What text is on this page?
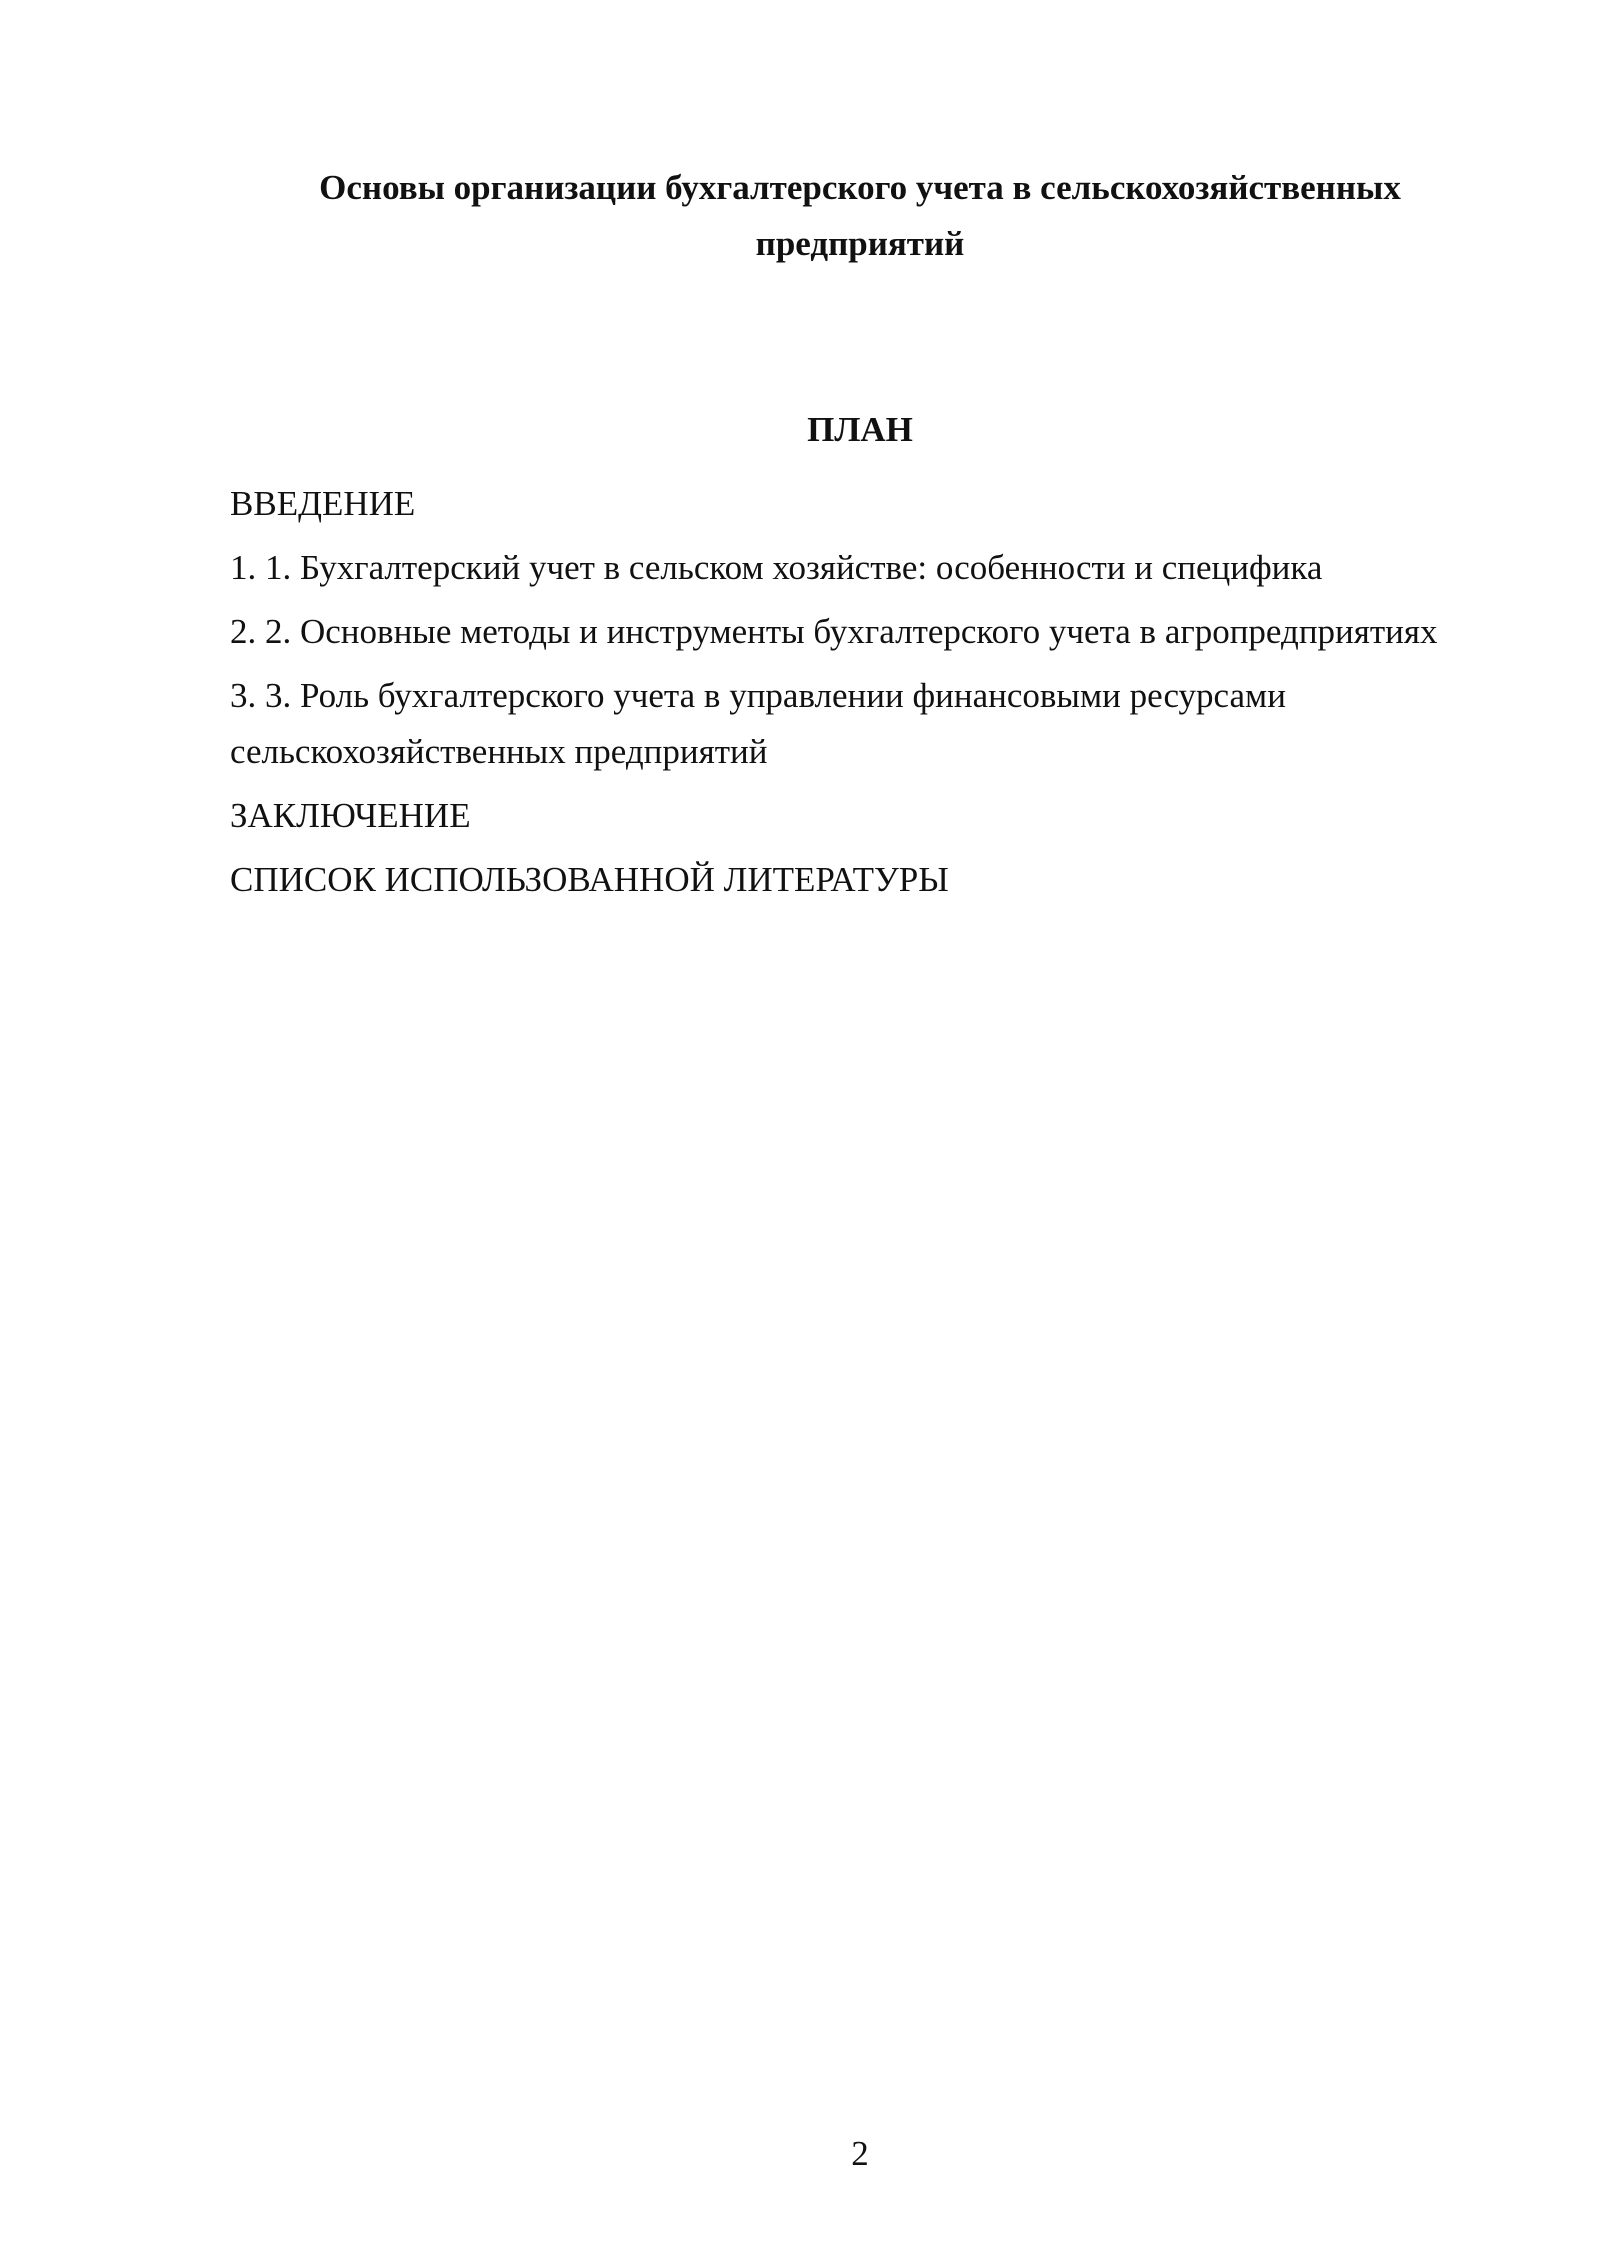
Основы организации бухгалтерского учета в сельскохозяйственных предприятий
ПЛАН
ВВЕДЕНИЕ
1. 1. Бухгалтерский учет в сельском хозяйстве: особенности и специфика
2. 2. Основные методы и инструменты бухгалтерского учета в агропредприятиях
3. 3. Роль бухгалтерского учета в управлении финансовыми ресурсами сельскохозяйственных предприятий
ЗАКЛЮЧЕНИЕ
СПИСОК ИСПОЛЬЗОВАННОЙ ЛИТЕРАТУРЫ
2
